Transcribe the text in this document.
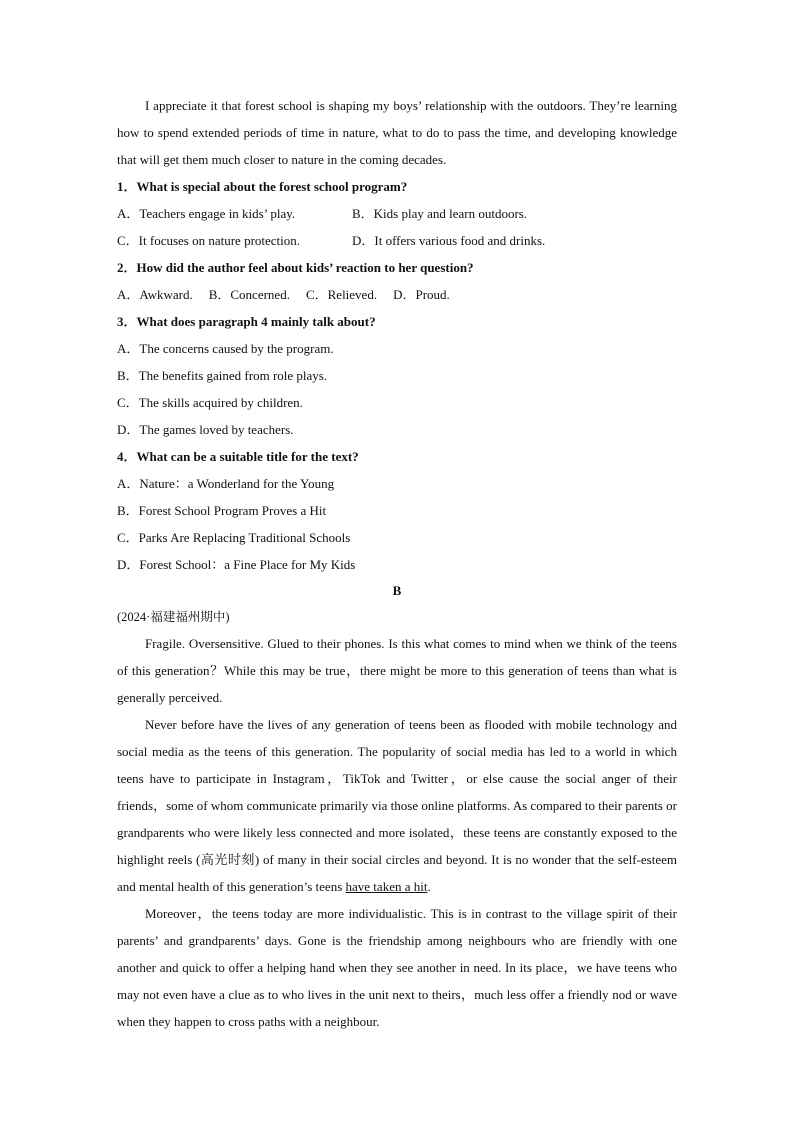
I appreciate it that forest school is shaping my boys’ relationship with the outdoors. They’re learning how to spend extended periods of time in nature, what to do to pass the time, and developing knowledge that will get them much closer to nature in the coming decades.

1．What is special about the forest school program?

A．Teachers engage in kids’ play.	B．Kids play and learn outdoors.
C．It focuses on nature protection.	D．It offers various food and drinks.

2．How did the author feel about kids’ reaction to her question?

A．Awkward. B．Concerned. C．Relieved. D．Proud.

3．What does paragraph 4 mainly talk about?

A．The concerns caused by the program.

B．The benefits gained from role plays.

C．The skills acquired by children.

D．The games loved by teachers.

4．What can be a suitable title for the text?

A．Nature：a Wonderland for the Young

B．Forest School Program Proves a Hit

C．Parks Are Replacing Traditional Schools

D．Forest School：a Fine Place for My Kids

B

(2024·福建福州期中)

Fragile. Oversensitive. Glued to their phones. Is this what comes to mind when we think of the teens of this generation？While this may be true，there might be more to this generation of teens than what is generally perceived.

Never before have the lives of any generation of teens been as flooded with mobile technology and social media as the teens of this generation. The popularity of social media has led to a world in which teens have to participate in Instagram，TikTok and Twitter，or else cause the social anger of their friends，some of whom communicate primarily via those online platforms. As compared to their parents or grandparents who were likely less connected and more isolated，these teens are constantly exposed to the highlight reels (高光时刻) of many in their social circles and beyond. It is no wonder that the self-esteem and mental health of this generation’s teens have taken a hit.

Moreover，the teens today are more individualistic. This is in contrast to the village spirit of their parents’ and grandparents’ days. Gone is the friendship among neighbours who are friendly with one another and quick to offer a helping hand when they see another in need. In its place，we have teens who may not even have a clue as to who lives in the unit next to theirs，much less offer a friendly nod or wave when they happen to cross paths with a neighbour.
